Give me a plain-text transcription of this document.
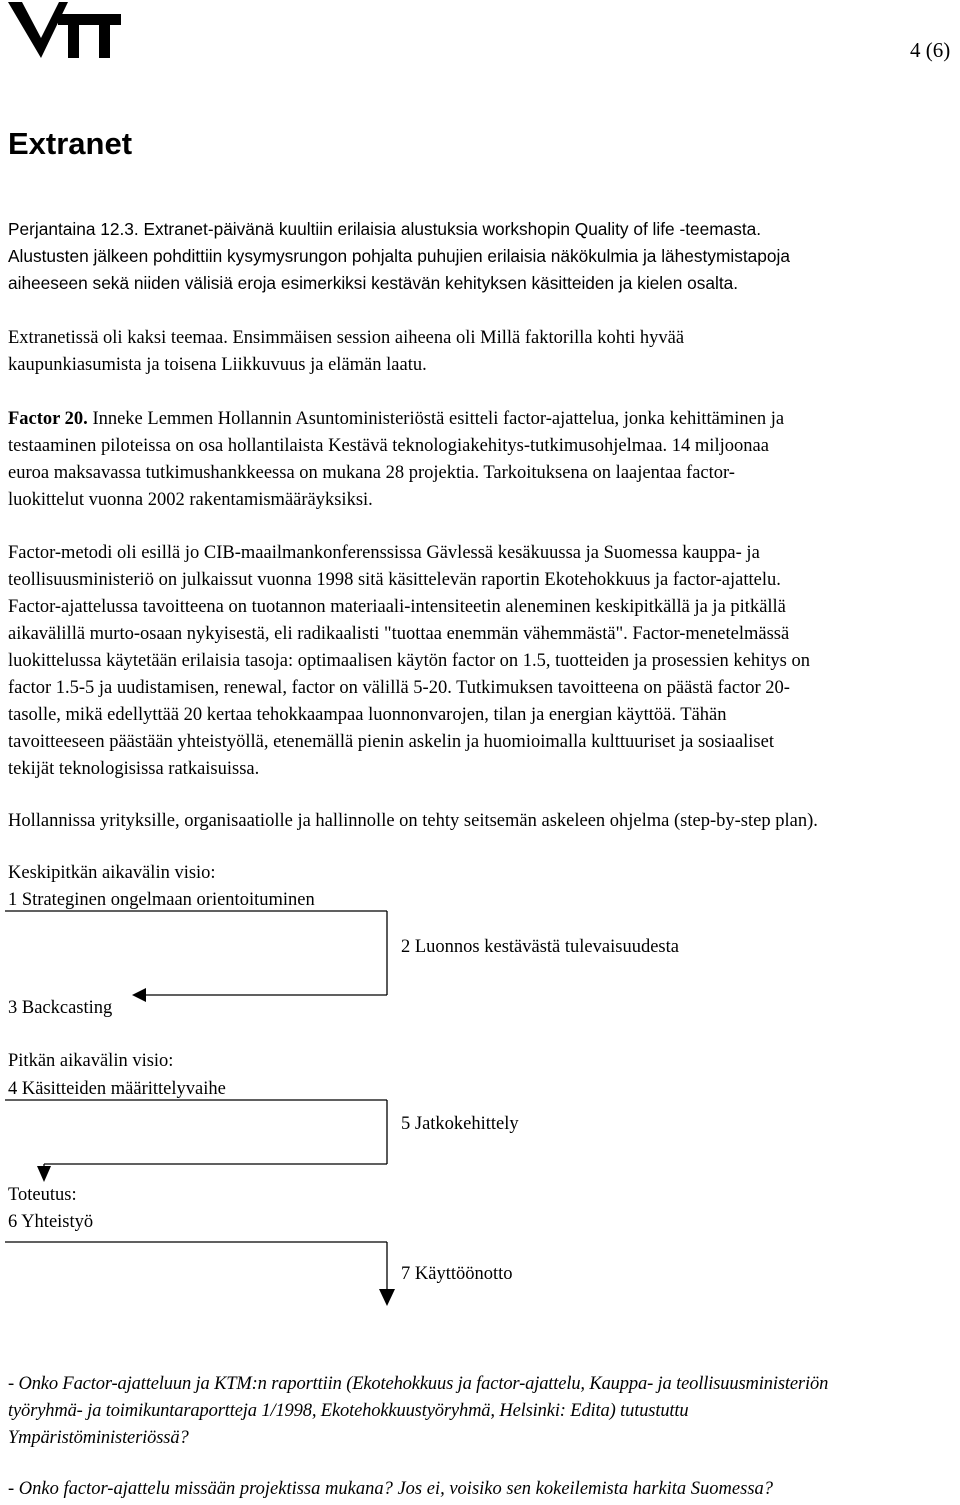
4 (6)
Extranet
Perjantaina 12.3. Extranet-päivänä kuultiin erilaisia alustuksia workshopin Quality of life -teemasta.
Alustusten jälkeen pohdittiin kysymysrungon pohjalta puhujien erilaisia näkökulmia ja lähestymistapoja
aiheeseen sekä niiden välisiä eroja esimerkiksi kestävän kehityksen käsitteiden ja kielen osalta.
Extranetissä oli kaksi teemaa. Ensimmäisen session aiheena oli Millä faktorilla kohti hyvää
kaupunkiasumista ja toisena Liikkuvuus ja elämän laatu.
Factor 20. Inneke Lemmen Hollannin Asuntoministeriöstä esitteli factor-ajattelua, jonka kehittäminen ja
testaaminen piloteissa on osa hollantilaista Kestävä teknologiakehitys-tutkimusohjelmaa. 14 miljoonaa
euroa maksavassa tutkimushankkeessa on mukana 28 projektia. Tarkoituksena on laajentaa factor-
luokittelut vuonna 2002 rakentamismääräyksiksi.
Factor-metodi oli esillä jo CIB-maailmankonferenssissa Gävlessä kesäkuussa ja Suomessa kauppa- ja
teollisuusministeriö on julkaissut vuonna 1998 sitä käsittelevän raportin Ekotehokkuus ja factor-ajattelu.
Factor-ajattelussa tavoitteena on tuotannon materiaali-intensiteetin aleneminen keskipitkällä ja ja pitkällä
aikavälillä murto-osaan nykyisestä, eli radikaalisti "tuottaa enemmän vähemmästä". Factor-menetelmässä
luokittelussa käytetään erilaisia tasoja: optimaalisen käytön factor on 1.5, tuotteiden ja prosessien kehitys on
factor 1.5-5 ja uudistamisen, renewal, factor on välillä 5-20. Tutkimuksen tavoitteena on päästä factor 20-
tasolle, mikä edellyttää 20 kertaa tehokkaampaa luonnonvarojen, tilan ja energian käyttöä. Tähän
tavoitteeseen päästään yhteistyöllä, etenemällä pienin askelin ja huomioimalla kulttuuriset ja sosiaaliset
tekijät teknologisissa ratkaisuissa.
Hollannissa yrityksille, organisaatiolle ja hallinnolle on tehty seitsemän askeleen ohjelma (step-by-step plan).
Keskipitkän aikavälin visio:
1 Strateginen ongelmaan orientoituminen
2 Luonnos kestävästä tulevaisuudesta
3 Backcasting
Pitkän aikavälin visio:
4 Käsitteiden määrittelyvaihe
5 Jatkokehittely
Toteutus:
6 Yhteistyö
7 Käyttöönotto
- Onko Factor-ajatteluun ja KTM:n raporttiin (Ekotehokkuus ja factor-ajattelu, Kauppa- ja teollisuusministeriön
työryhmä- ja toimikuntaraportteja 1/1998, Ekotehokkuustyöryhmä, Helsinki: Edita) tutustuttu
Ympäristöministeriössä?
- Onko factor-ajattelu missään projektissa mukana? Jos ei, voisiko sen kokeilemista harkita Suomessa?
